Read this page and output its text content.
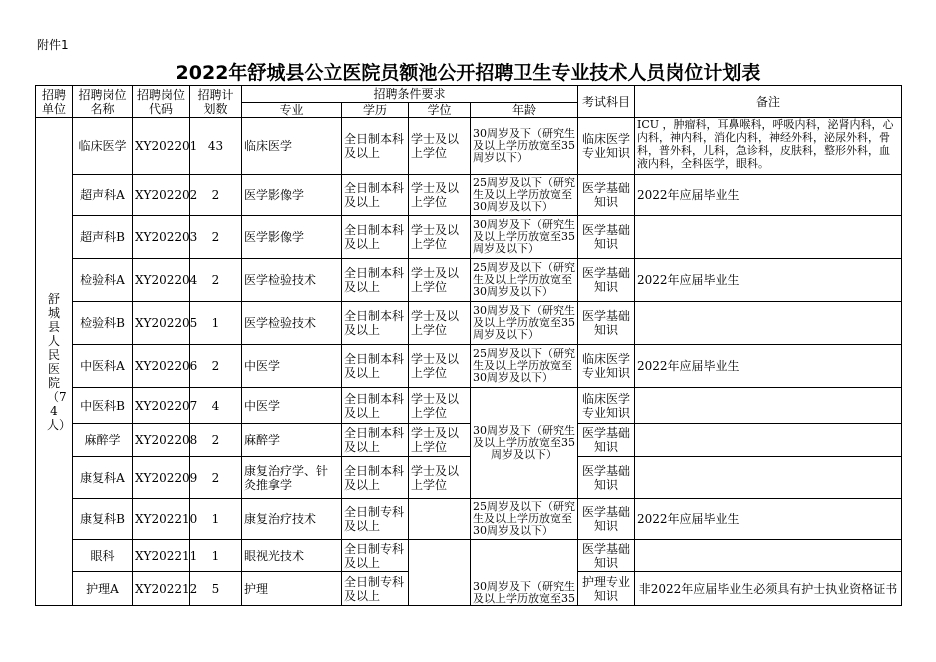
附件1
2022年舒城县公立医院员额池公开招聘卫生专业技术人员岗位计划表
招聘单位	招聘岗位名称	招聘岗位代码	招聘计划数	招聘条件要求				考试科目	备注
				专业	学历	学位	年龄		

舒城县人民医院（74人）	临床医学	XY202201	43	临床医学	全日制本科及以上	学士及以上学位	30周岁及下（研究生及以上学历放宽至35周岁以下）	临床医学专业知识	ICU ，肿瘤科，耳鼻喉科，呼吸内科，泌肾内科，心内科，神内科，消化内科，神经外科，泌尿外科，骨科，普外科，儿科，急诊科，皮肤科，整形外科，血液内科，全科医学，眼科。
	超声科A	XY202202	2	医学影像学	全日制本科及以上	学士及以上学位	25周岁及以下（研究生及以上学历放宽至30周岁及以下）	医学基础知识	2022年应届毕业生
	超声科B	XY202203	2	医学影像学	全日制本科及以上	学士及以上学位	30周岁及下（研究生及以上学历放宽至35周岁及以下）	医学基础知识	
	检验科A	XY202204	2	医学检验技术	全日制本科及以上	学士及以上学位	25周岁及以下（研究生及以上学历放宽至30周岁及以下）	医学基础知识	2022年应届毕业生
	检验科B	XY202205	1	医学检验技术	全日制本科及以上	学士及以上学位	30周岁及下（研究生及以上学历放宽至35周岁及以下）	医学基础知识	
	中医科A	XY202206	2	中医学	全日制本科及以上	学士及以上学位	25周岁及以下（研究生及以上学历放宽至30周岁及以下）	临床医学专业知识	2022年应届毕业生
	中医科B	XY202207	4	中医学	全日制本科及以上	学士及以上学位	30周岁及下（研究生及以上学历放宽至35周岁及以下）	临床医学专业知识	
	麻醉学	XY202208	2	麻醉学	全日制本科及以上	学士及以上学位		医学基础知识	
	康复科A	XY202209	2	康复治疗学、针灸推拿学	全日制本科及以上	学士及以上学位		医学基础知识	
	康复科B	XY202210	1	康复治疗技术	全日制专科及以上		25周岁及以下（研究生及以上学历放宽至30周岁及以下）	医学基础知识	2022年应届毕业生
	眼科	XY202211	1	眼视光技术	全日制专科及以上		30周岁及下（研究生及以上学历放宽至35	医学基础知识	
	护理A	XY202212	5	护理	全日制专科及以上			护理专业知识	非2022年应届毕业生必须具有护士执业资格证书
